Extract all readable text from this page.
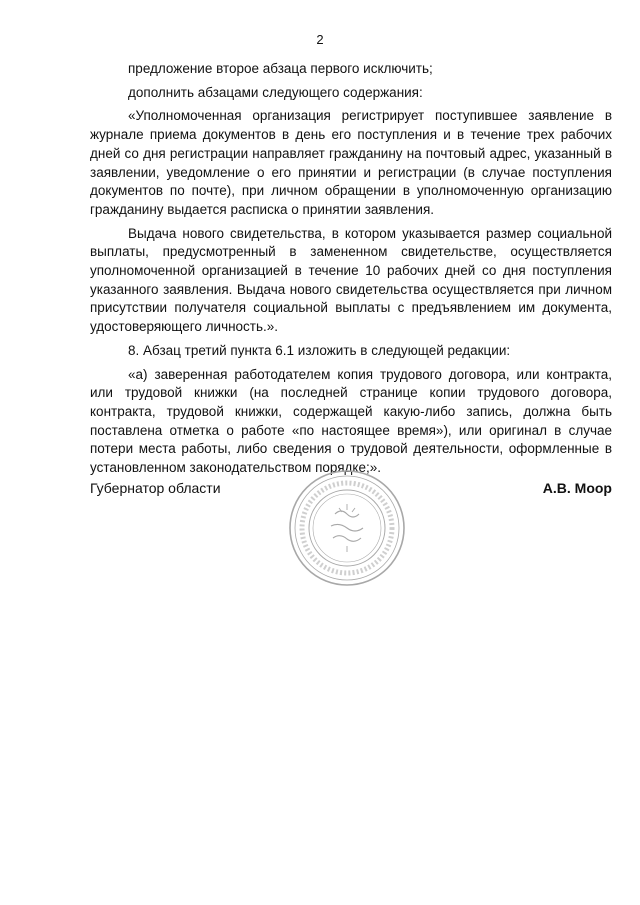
2

предложение второе абзаца первого исключить;

дополнить абзацами следующего содержания:

«Уполномоченная организация регистрирует поступившее заявление в журнале приема документов в день его поступления и в течение трех рабочих дней со дня регистрации направляет гражданину на почтовый адрес, указанный в заявлении, уведомление о его принятии и регистрации (в случае поступления документов по почте), при личном обращении в уполномоченную организацию гражданину выдается расписка о принятии заявления.

Выдача нового свидетельства, в котором указывается размер социальной выплаты, предусмотренный в замененном свидетельстве, осуществляется уполномоченной организацией в течение 10 рабочих дней со дня поступления указанного заявления. Выдача нового свидетельства осуществляется при личном присутствии получателя социальной выплаты с предъявлением им документа, удостоверяющего личность.».

8. Абзац третий пункта 6.1 изложить в следующей редакции:

«а) заверенная работодателем копия трудового договора, или контракта, или трудовой книжки (на последней странице копии трудового договора, контракта, трудовой книжки, содержащей какую-либо запись, должна быть поставлена отметка о работе «по настоящее время»), или оригинал в случае потери места работы, либо сведения о трудовой деятельности, оформленные в установленном законодательством порядке;».

Губернатор области	А.В. Моор
